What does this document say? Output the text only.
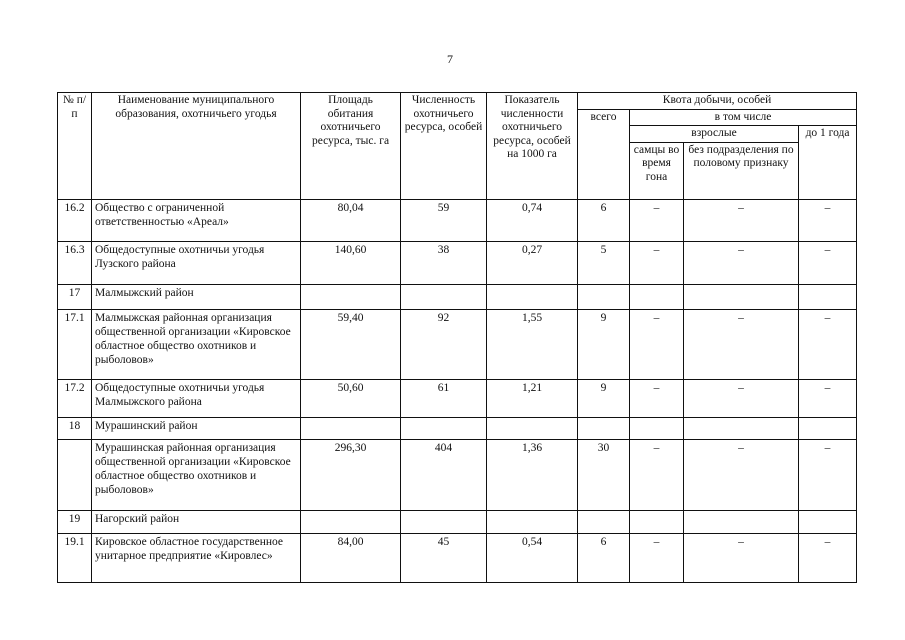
7
№ п/п	Наименование муниципального образования, охотничьего угодья	Площадь обитания охотничьего ресурса, тыс. га	Численность охотничьего ресурса, особей	Показатель численности охотничьего ресурса, особей на 1000 га	Квота добычи, особей			
					всего	в том числе		
						взрослые		до 1 года
						самцы во время гона	без подразделения по половому признаку	
16.2	Общество с ограниченной ответственностью «Ареал»	80,04	59	0,74	6	–	–	–
16.3	Общедоступные охотничьи угодья Лузского района	140,60	38	0,27	5	–	–	–
17	Малмыжский район							
17.1	Малмыжская районная организация общественной организации «Кировское областное общество охотников и рыболовов»	59,40	92	1,55	9	–	–	–
17.2	Общедоступные охотничьи угодья Малмыжского района	50,60	61	1,21	9	–	–	–
18	Мурашинский район							
	Мурашинская районная организация общественной организации «Кировское областное общество охотников и рыболовов»	296,30	404	1,36	30	–	–	–
19	Нагорский район							
19.1	Кировское областное государственное унитарное предприятие «Кировлес»	84,00	45	0,54	6	–	–	–
